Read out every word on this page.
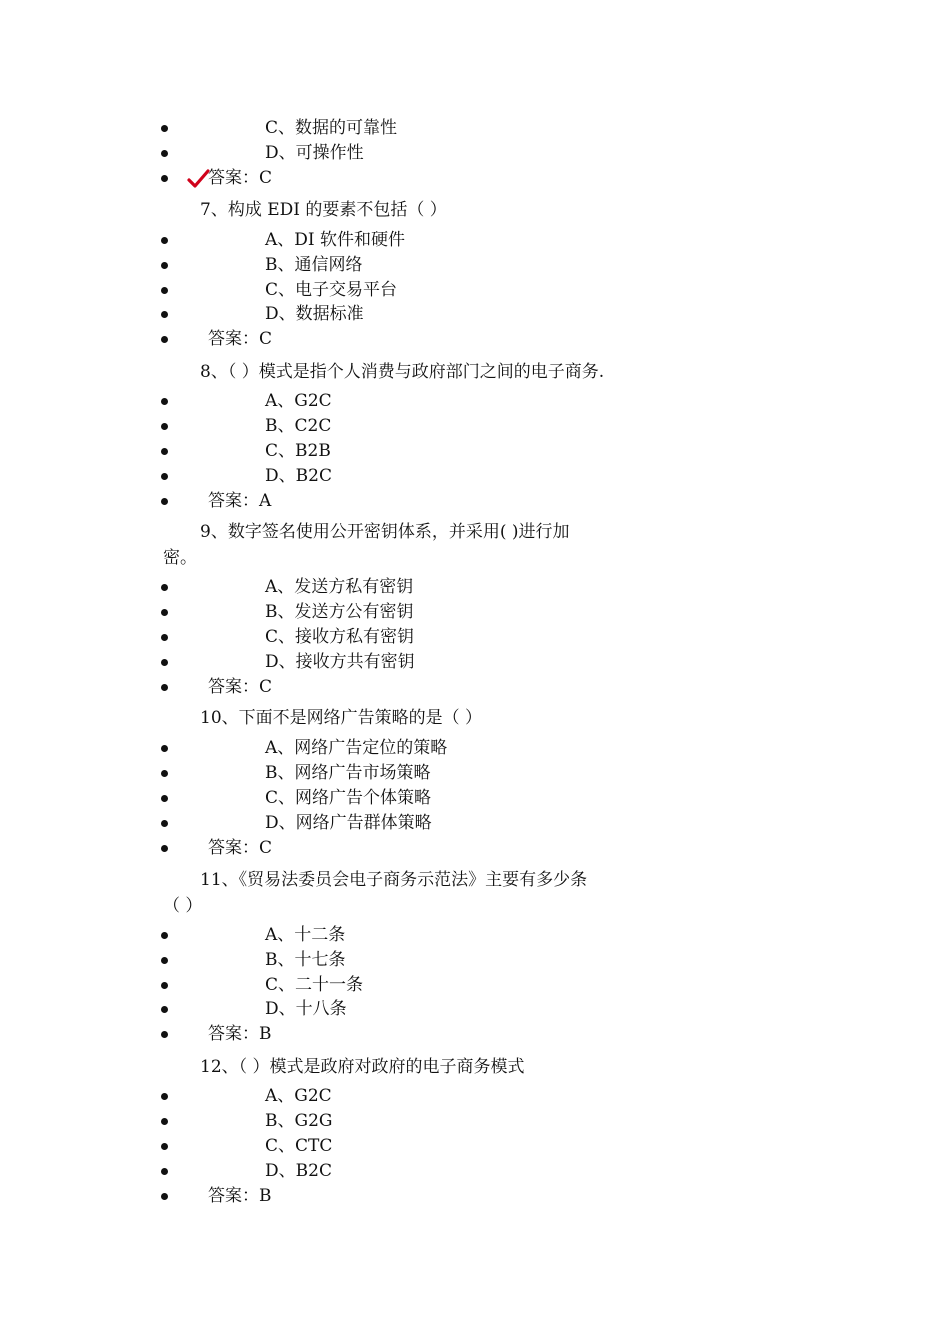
C、数据的可靠性
D、可操作性
答案：C
7、构成 EDI 的要素不包括（ ）
A、DI 软件和硬件
B、通信网络
C、电子交易平台
D、数据标准
答案：C
8、（ ）模式是指个人消费与政府部门之间的电子商务.
A、G2C
B、C2C
C、B2B
D、B2C
答案：A
9、数字签名使用公开密钥体系，并采用( )进行加
密。
A、发送方私有密钥
B、发送方公有密钥
C、接收方私有密钥
D、接收方共有密钥
答案：C
10、下面不是网络广告策略的是（ ）
A、网络广告定位的策略
B、网络广告市场策略
C、网络广告个体策略
D、网络广告群体策略
答案：C
11、《贸易法委员会电子商务示范法》主要有多少条
（ ）
A、十二条
B、十七条
C、二十一条
D、十八条
答案：B
12、（ ）模式是政府对政府的电子商务模式
A、G2C
B、G2G
C、CTC
D、B2C
答案：B
